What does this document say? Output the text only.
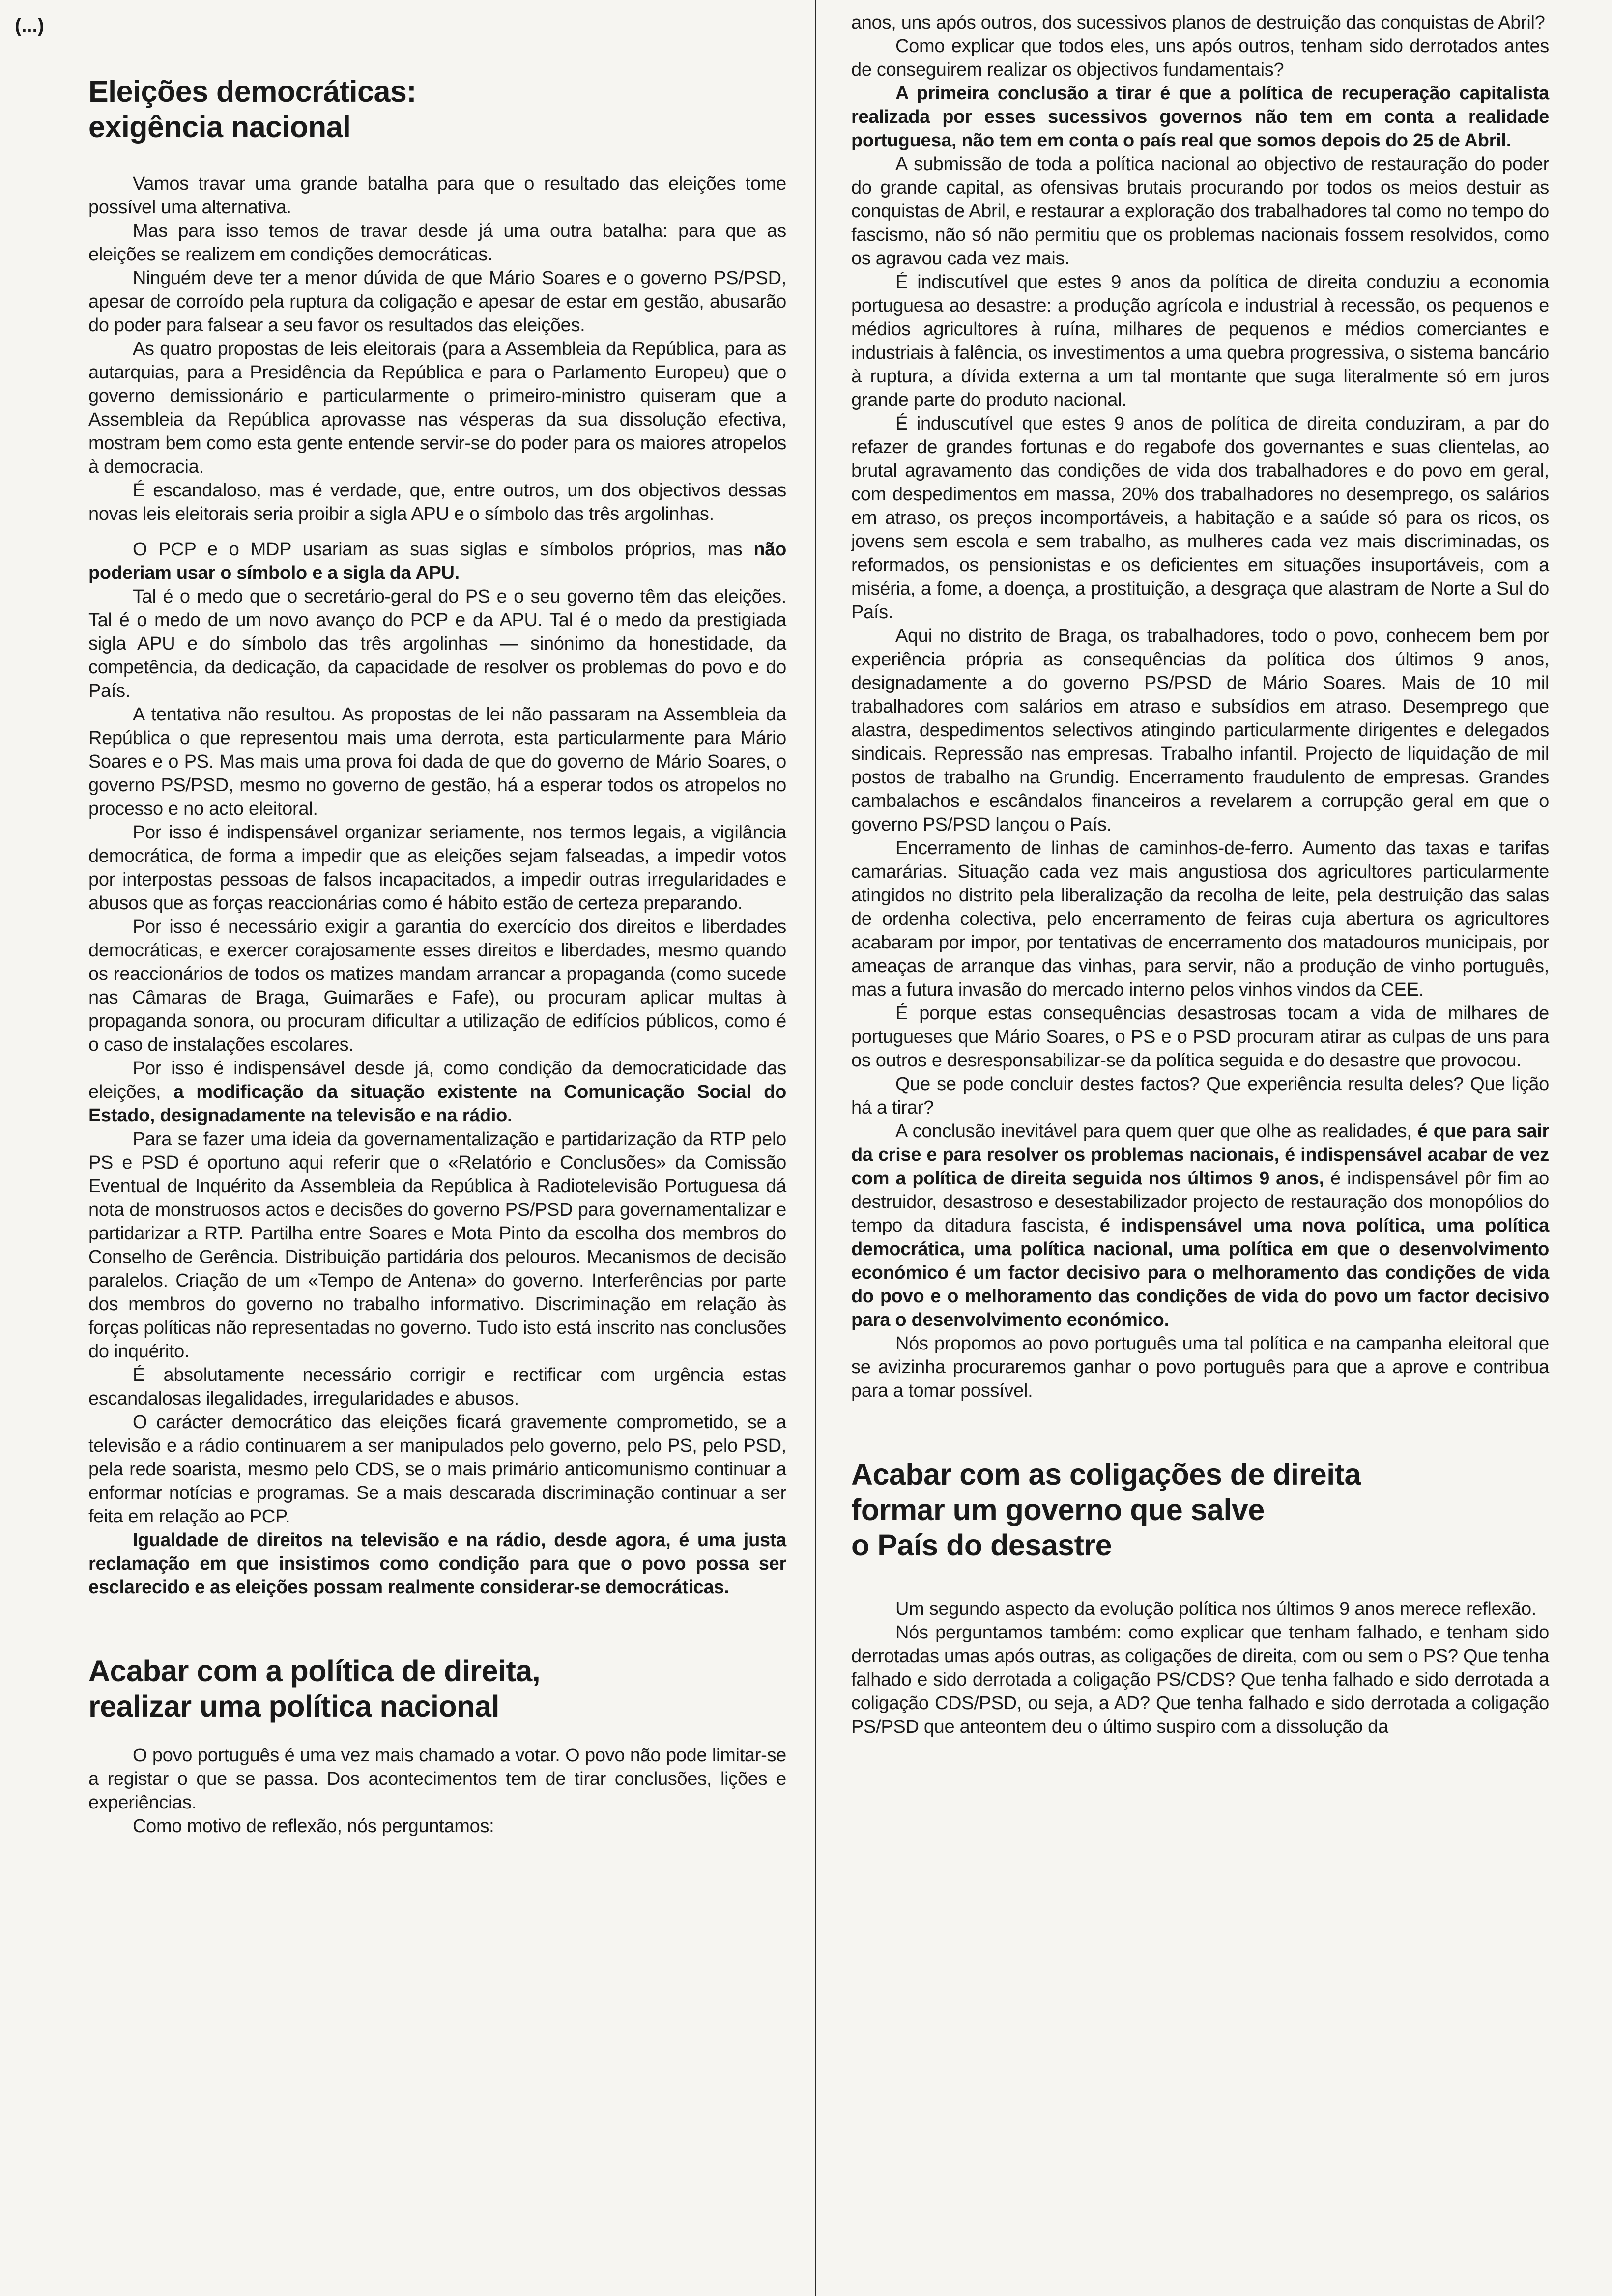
(...)
Eleições democráticas:
exigência nacional

Vamos travar uma grande batalha para que o resultado das eleições tome possível uma alternativa.

Mas para isso temos de travar desde já uma outra batalha: para que as eleições se realizem em condições democráticas.

Ninguém deve ter a menor dúvida de que Mário Soares e o governo PS/PSD, apesar de corroído pela ruptura da coligação e apesar de estar em gestão, abusarão do poder para falsear a seu favor os resultados das eleições.

As quatro propostas de leis eleitorais (para a Assembleia da República, para as autarquias, para a Presidência da República e para o Parlamento Europeu) que o governo demissionário e particularmente o primeiro-ministro quiseram que a Assembleia da República aprovasse nas vésperas da sua dissolução efectiva, mostram bem como esta gente entende servir-se do poder para os maiores atropelos à democracia.

É escandaloso, mas é verdade, que, entre outros, um dos objectivos dessas novas leis eleitorais seria proibir a sigla APU e o símbolo das três argolinhas.

O PCP e o MDP usariam as suas siglas e símbolos próprios, mas não poderiam usar o símbolo e a sigla da APU.

Tal é o medo que o secretário-geral do PS e o seu governo têm das eleições. Tal é o medo de um novo avanço do PCP e da APU. Tal é o medo da prestigiada sigla APU e do símbolo das três argolinhas — sinónimo da honestidade, da competência, da dedicação, da capacidade de resolver os problemas do povo e do País.

A tentativa não resultou. As propostas de lei não passaram na Assembleia da República o que representou mais uma derrota, esta particularmente para Mário Soares e o PS. Mas mais uma prova foi dada de que do governo de Mário Soares, o governo PS/PSD, mesmo no governo de gestão, há a esperar todos os atropelos no processo e no acto eleitoral.

Por isso é indispensável organizar seriamente, nos termos legais, a vigilância democrática, de forma a impedir que as eleições sejam falseadas, a impedir votos por interpostas pessoas de falsos incapacitados, a impedir outras irregularidades e abusos que as forças reaccionárias como é hábito estão de certeza preparando.

Por isso é necessário exigir a garantia do exercício dos direitos e liberdades democráticas, e exercer corajosamente esses direitos e liberdades, mesmo quando os reaccionários de todos os matizes mandam arrancar a propaganda (como sucede nas Câmaras de Braga, Guimarães e Fafe), ou procuram aplicar multas à propaganda sonora, ou procuram dificultar a utilização de edifícios públicos, como é o caso de instalações escolares.

Por isso é indispensável desde já, como condição da democraticidade das eleições, a modificação da situação existente na Comunicação Social do Estado, designadamente na televisão e na rádio.

Para se fazer uma ideia da governamentalização e partidarização da RTP pelo PS e PSD é oportuno aqui referir que o «Relatório e Conclusões» da Comissão Eventual de Inquérito da Assembleia da República à Radiotelevisão Portuguesa dá nota de monstruosos actos e decisões do governo PS/PSD para governamentalizar e partidarizar a RTP. Partilha entre Soares e Mota Pinto da escolha dos membros do Conselho de Gerência. Distribuição partidária dos pelouros. Mecanismos de decisão paralelos. Criação de um «Tempo de Antena» do governo. Interferências por parte dos membros do governo no trabalho informativo. Discriminação em relação às forças políticas não representadas no governo. Tudo isto está inscrito nas conclusões do inquérito.

É absolutamente necessário corrigir e rectificar com urgência estas escandalosas ilegalidades, irregularidades e abusos.

O carácter democrático das eleições ficará gravemente comprometido, se a televisão e a rádio continuarem a ser manipulados pelo governo, pelo PS, pelo PSD, pela rede soarista, mesmo pelo CDS, se o mais primário anticomunismo continuar a enformar notícias e programas. Se a mais descarada discriminação continuar a ser feita em relação ao PCP.

Igualdade de direitos na televisão e na rádio, desde agora, é uma justa reclamação em que insistimos como condição para que o povo possa ser esclarecido e as eleições possam realmente considerar-se democráticas.

Acabar com a política de direita,
realizar uma política nacional

O povo português é uma vez mais chamado a votar. O povo não pode limitar-se a registar o que se passa. Dos acontecimentos tem de tirar conclusões, lições e experiências.

Como motivo de reflexão, nós perguntamos:

anos, uns após outros, dos sucessivos planos de destruição das conquistas de Abril?

Como explicar que todos eles, uns após outros, tenham sido derrotados antes de conseguirem realizar os objectivos fundamentais?

A primeira conclusão a tirar é que a política de recuperação capitalista realizada por esses sucessivos governos não tem em conta a realidade portuguesa, não tem em conta o país real que somos depois do 25 de Abril.

A submissão de toda a política nacional ao objectivo de restauração do poder do grande capital, as ofensivas brutais procurando por todos os meios destuir as conquistas de Abril, e restaurar a exploração dos trabalhadores tal como no tempo do fascismo, não só não permitiu que os problemas nacionais fossem resolvidos, como os agravou cada vez mais.

É indiscutível que estes 9 anos da política de direita conduziu a economia portuguesa ao desastre: a produção agrícola e industrial à recessão, os pequenos e médios agricultores à ruína, milhares de pequenos e médios comerciantes e industriais à falência, os investimentos a uma quebra progressiva, o sistema bancário à ruptura, a dívida externa a um tal montante que suga literalmente só em juros grande parte do produto nacional.

É induscutível que estes 9 anos de política de direita conduziram, a par do refazer de grandes fortunas e do regabofe dos governantes e suas clientelas, ao brutal agravamento das condições de vida dos trabalhadores e do povo em geral, com despedimentos em massa, 20% dos trabalhadores no desemprego, os salários em atraso, os preços incomportáveis, a habitação e a saúde só para os ricos, os jovens sem escola e sem trabalho, as mulheres cada vez mais discriminadas, os reformados, os pensionistas e os deficientes em situações insuportáveis, com a miséria, a fome, a doença, a prostituição, a desgraça que alastram de Norte a Sul do País.

Aqui no distrito de Braga, os trabalhadores, todo o povo, conhecem bem por experiência própria as consequências da política dos últimos 9 anos, designadamente a do governo PS/PSD de Mário Soares. Mais de 10 mil trabalhadores com salários em atraso e subsídios em atraso. Desemprego que alastra, despedimentos selectivos atingindo particularmente dirigentes e delegados sindicais. Repressão nas empresas. Trabalho infantil. Projecto de liquidação de mil postos de trabalho na Grundig. Encerramento fraudulento de empresas. Grandes cambalachos e escândalos financeiros a revelarem a corrupção geral em que o governo PS/PSD lançou o País.

Encerramento de linhas de caminhos-de-ferro. Aumento das taxas e tarifas camarárias. Situação cada vez mais angustiosa dos agricultores particularmente atingidos no distrito pela liberalização da recolha de leite, pela destruição das salas de ordenha colectiva, pelo encerramento de feiras cuja abertura os agricultores acabaram por impor, por tentativas de encerramento dos matadouros municipais, por ameaças de arranque das vinhas, para servir, não a produção de vinho português, mas a futura invasão do mercado interno pelos vinhos vindos da CEE.

É porque estas consequências desastrosas tocam a vida de milhares de portugueses que Mário Soares, o PS e o PSD procuram atirar as culpas de uns para os outros e desresponsabilizar-se da política seguida e do desastre que provocou.

Que se pode concluir destes factos? Que experiência resulta deles? Que lição há a tirar?

A conclusão inevitável para quem quer que olhe as realidades, é que para sair da crise e para resolver os problemas nacionais, é indispensável acabar de vez com a política de direita seguida nos últimos 9 anos, é indispensável pôr fim ao destruidor, desastroso e desestabilizador projecto de restauração dos monopólios do tempo da ditadura fascista, é indispensável uma nova política, uma política democrática, uma política nacional, uma política em que o desenvolvimento económico é um factor decisivo para o melhoramento das condições de vida do povo e o melhoramento das condições de vida do povo um factor decisivo para o desenvolvimento económico.

Nós propomos ao povo português uma tal política e na campanha eleitoral que se avizinha procuraremos ganhar o povo português para que a aprove e contribua para a tomar possível.

Acabar com as coligações de direita
formar um governo que salve
o País do desastre

Um segundo aspecto da evolução política nos últimos 9 anos merece reflexão.

Nós perguntamos também: como explicar que tenham falhado, e tenham sido derrotadas umas após outras, as coligações de direita, com ou sem o PS? Que tenha falhado e sido derrotada a coligação PS/CDS? Que tenha falhado e sido derrotada a coligação CDS/PSD, ou seja, a AD? Que tenha falhado e sido derrotada a coligação PS/PSD que anteontem deu o último suspiro com a dissolução da
